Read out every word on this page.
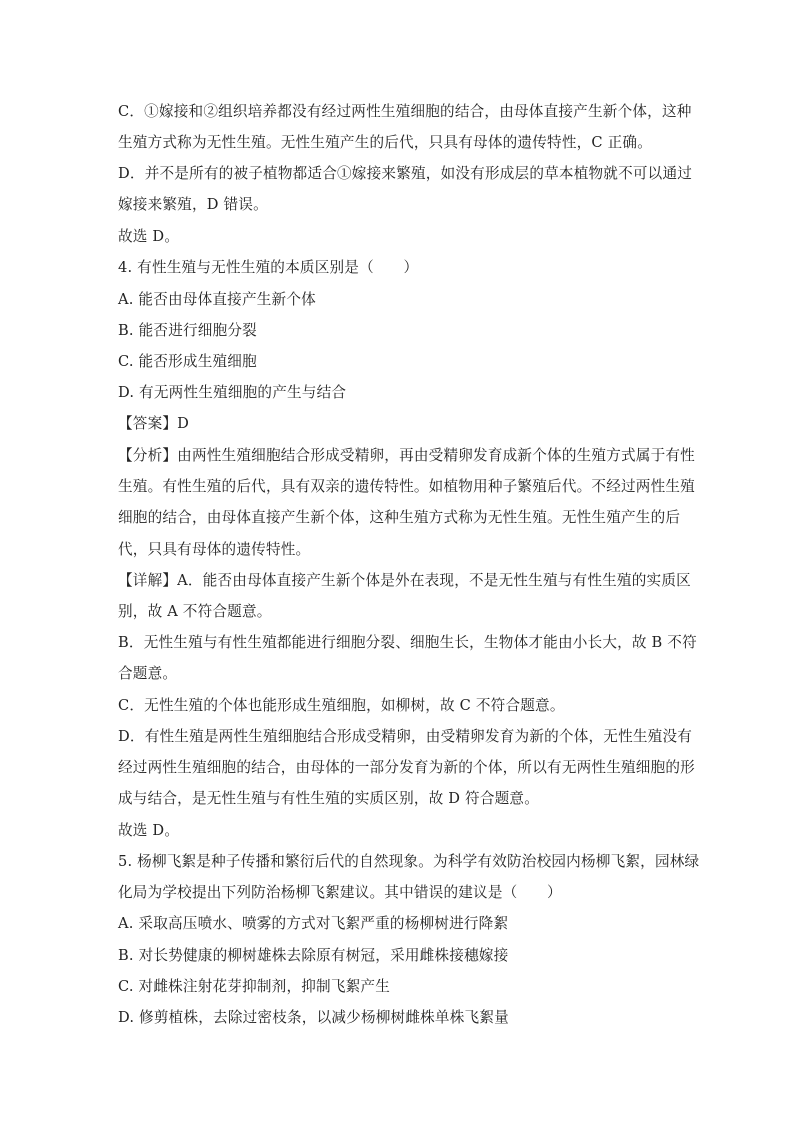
C．①嫁接和②组织培养都没有经过两性生殖细胞的结合，由母体直接产生新个体，这种

生殖方式称为无性生殖。无性生殖产生的后代，只具有母体的遗传特性，C 正确。

D．并不是所有的被子植物都适合①嫁接来繁殖，如没有形成层的草本植物就不可以通过

嫁接来繁殖，D 错误。

故选 D。

4. 有性生殖与无性生殖的本质区别是（　　）

A. 能否由母体直接产生新个体

B. 能否进行细胞分裂

C. 能否形成生殖细胞

D. 有无两性生殖细胞的产生与结合

【答案】D

【分析】由两性生殖细胞结合形成受精卵，再由受精卵发育成新个体的生殖方式属于有性

生殖。有性生殖的后代，具有双亲的遗传特性。如植物用种子繁殖后代。不经过两性生殖

细胞的结合，由母体直接产生新个体，这种生殖方式称为无性生殖。无性生殖产生的后

代，只具有母体的遗传特性。

【详解】A．能否由母体直接产生新个体是外在表现，不是无性生殖与有性生殖的实质区

别，故 A 不符合题意。

B．无性生殖与有性生殖都能进行细胞分裂、细胞生长，生物体才能由小长大，故 B 不符

合题意。

C．无性生殖的个体也能形成生殖细胞，如柳树，故 C 不符合题意。

D．有性生殖是两性生殖细胞结合形成受精卵，由受精卵发育为新的个体，无性生殖没有

经过两性生殖细胞的结合，由母体的一部分发育为新的个体，所以有无两性生殖细胞的形

成与结合，是无性生殖与有性生殖的实质区别，故 D 符合题意。

故选 D。

5. 杨柳飞絮是种子传播和繁衍后代的自然现象。为科学有效防治校园内杨柳飞絮，园林绿

化局为学校提出下列防治杨柳飞絮建议。其中错误的建议是（　　）

A. 采取高压喷水、喷雾的方式对飞絮严重的杨柳树进行降絮

B. 对长势健康的柳树雄株去除原有树冠，采用雌株接穗嫁接

C. 对雌株注射花芽抑制剂，抑制飞絮产生

D. 修剪植株，去除过密枝条，以减少杨柳树雌株单株飞絮量
